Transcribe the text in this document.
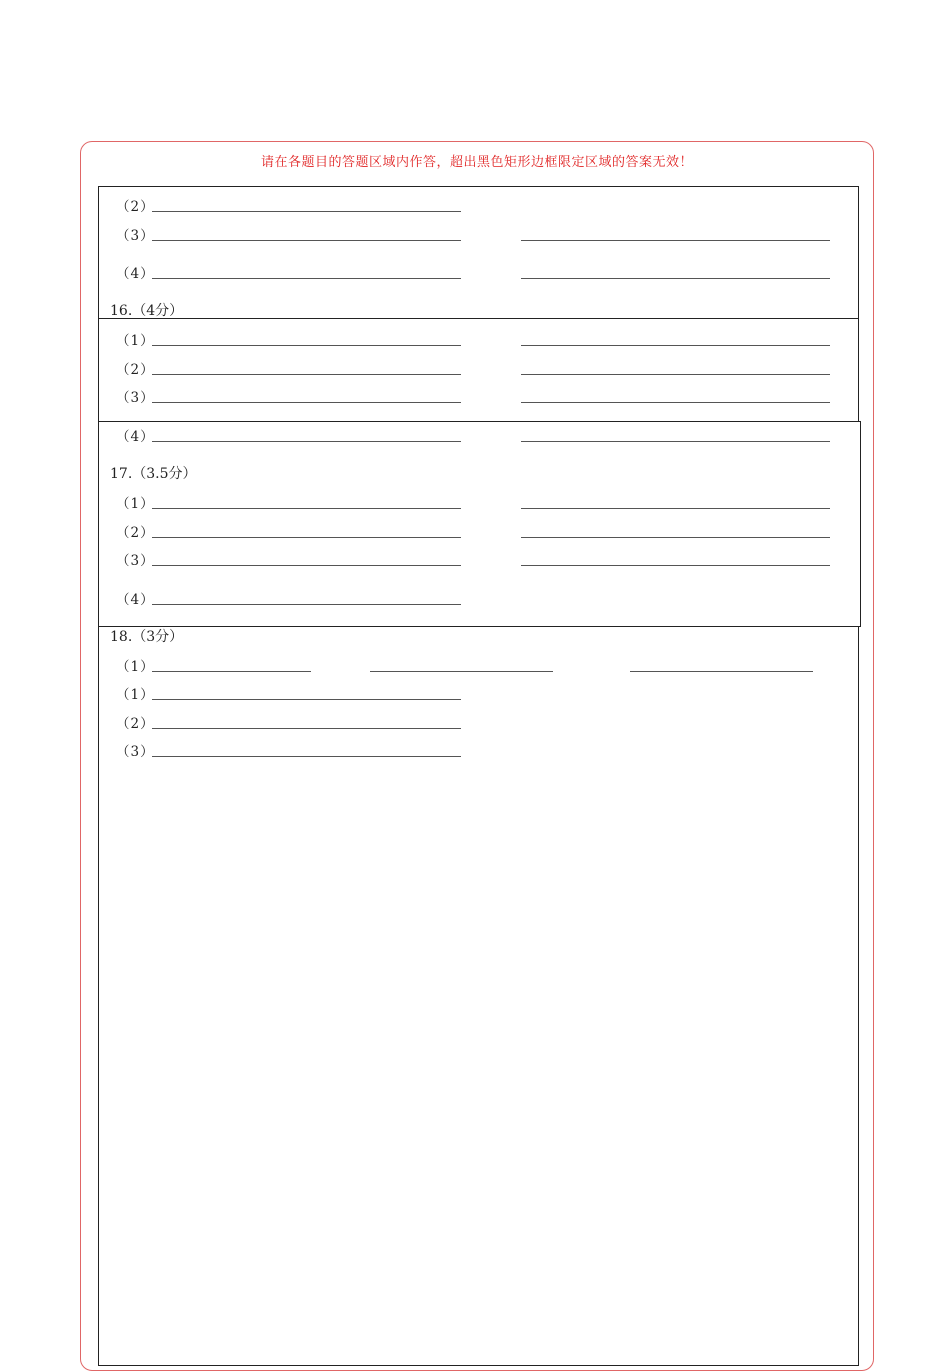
请在各题目的答题区域内作答，超出黑色矩形边框限定区域的答案无效！
（2）
（3）
（4）
16.（4分）
（1）
（2）
（3）
（4）
17.（3.5分）
（1）
（2）
（3）
（4）
18.（3分）
（1）
（1）
（2）
（3）
